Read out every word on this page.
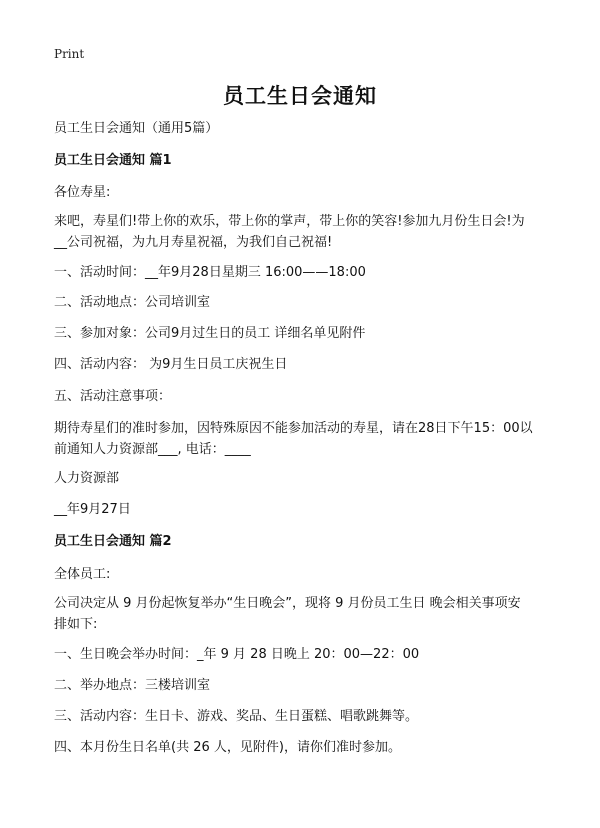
Print
员工生日会通知
员工生日会通知（通用5篇）
员工生日会通知 篇1
各位寿星:
来吧，寿星们!带上你的欢乐，带上你的掌声，带上你的笑容!参加九月份生日会!为
__公司祝福，为九月寿星祝福，为我们自己祝福!
一、活动时间：__年9月28日星期三 16:00——18:00
二、活动地点：公司培训室
三、参加对象：公司9月过生日的员工 详细名单见附件
四、活动内容： 为9月生日员工庆祝生日
五、活动注意事项：
期待寿星们的准时参加，因特殊原因不能参加活动的寿星，请在28日下午15：00以
前通知人力资源部___, 电话：____
人力资源部
__年9月27日
员工生日会通知 篇2
全体员工:
公司决定从 9 月份起恢复举办“生日晚会”，现将 9 月份员工生日 晚会相关事项安
排如下:
一、生日晚会举办时间：_年 9 月 28 日晚上 20：00—22：00
二、举办地点：三楼培训室
三、活动内容：生日卡、游戏、奖品、生日蛋糕、唱歌跳舞等。
四、本月份生日名单(共 26 人，见附件)，请你们准时参加。
